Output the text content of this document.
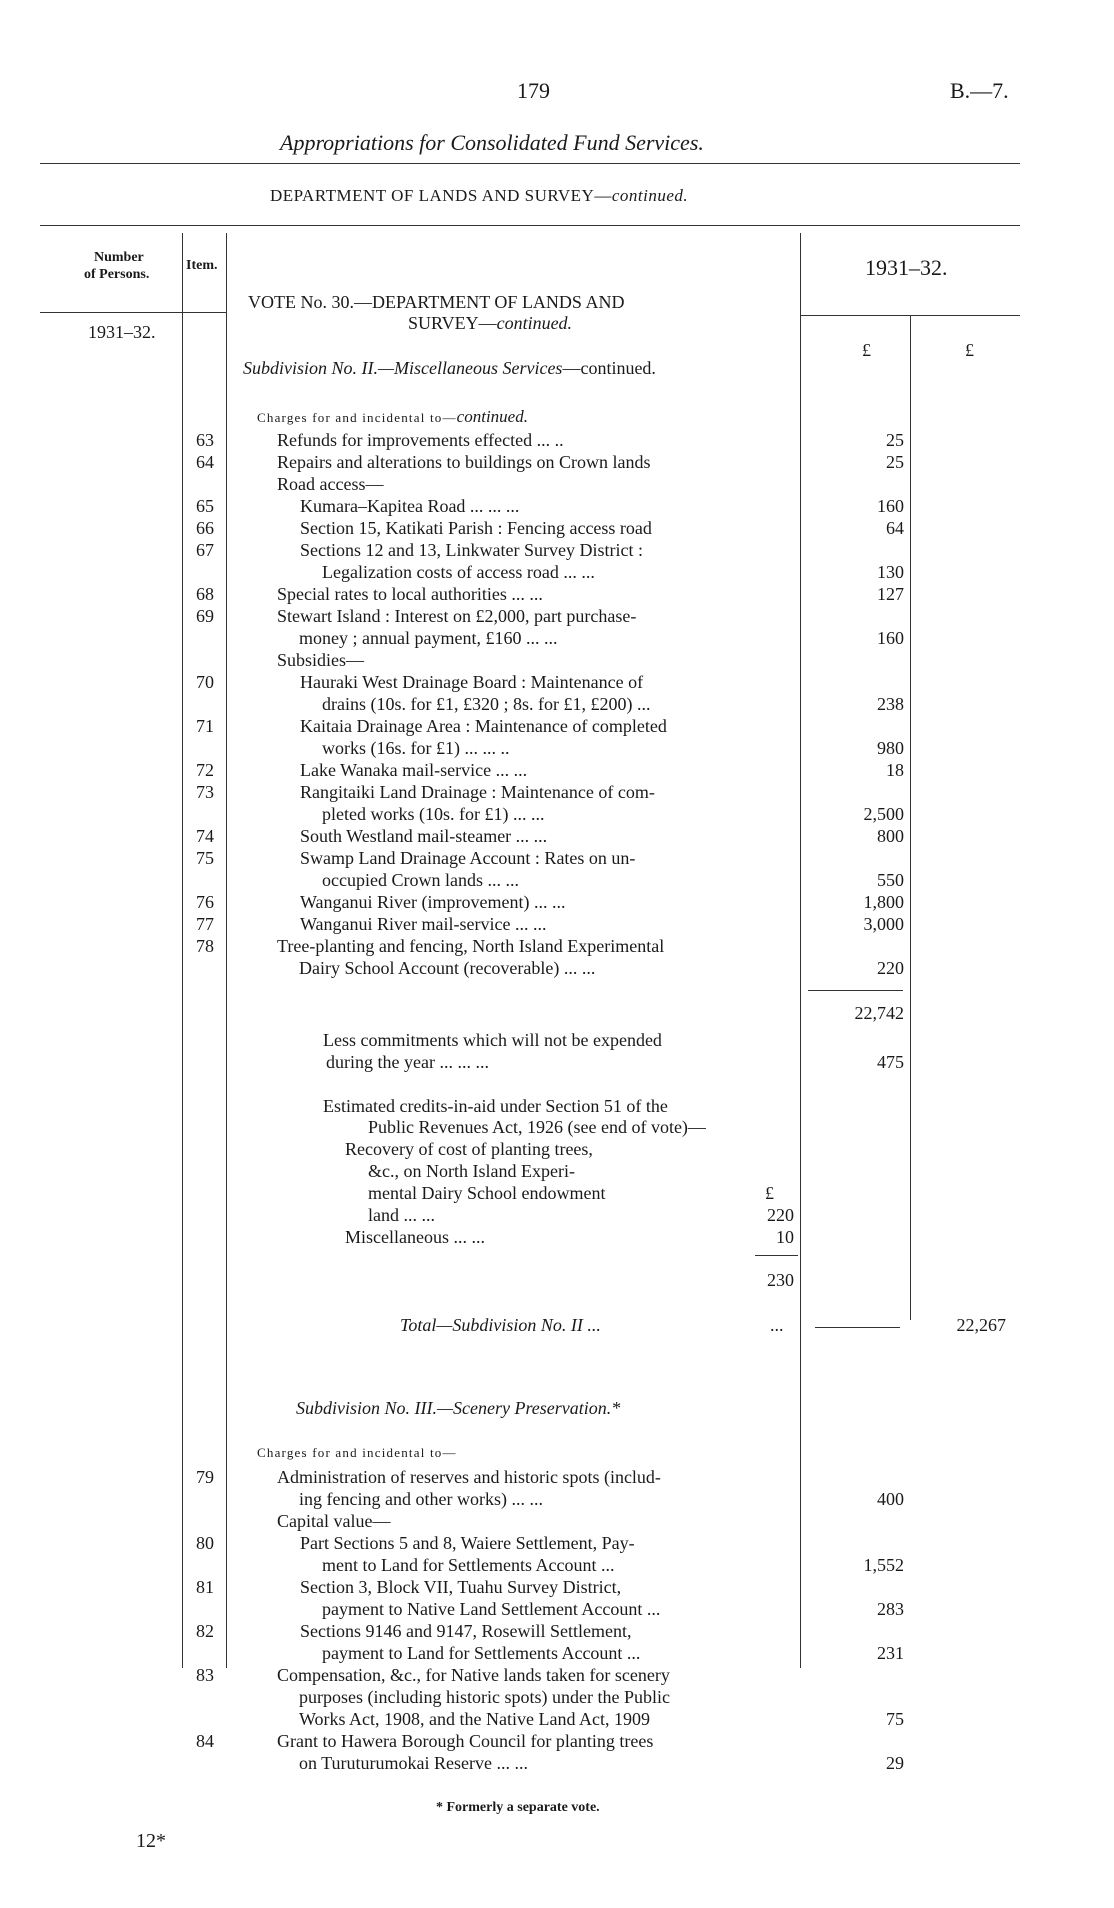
179	B.—7.
Appropriations for Consolidated Fund Services.
DEPARTMENT OF LANDS AND SURVEY—continued.
Number
of Persons.
Item.	1931–32.
1931–32.
£	£
VOTE No. 30.—DEPARTMENT OF LANDS AND
SURVEY—continued.
Subdivision No. II.—Miscellaneous Services—continued.
Charges for and incidental to—continued.
63	Refunds for improvements effected ... ..	25
64	Repairs and alterations to buildings on Crown lands	25
Road access—
65	Kumara–Kapitea Road ... ... ...	160
66	Section 15, Katikati Parish : Fencing access road	64
67	Sections 12 and 13, Linkwater Survey District :
Legalization costs of access road ... ...	130
68	Special rates to local authorities ... ...	127
69	Stewart Island : Interest on £2,000, part purchase-
money ; annual payment, £160 ... ...	160
Subsidies—
70	Hauraki West Drainage Board : Maintenance of
drains (10s. for £1, £320 ; 8s. for £1, £200) ...	238
71	Kaitaia Drainage Area : Maintenance of completed
works (16s. for £1) ... ... ..	980
72	Lake Wanaka mail-service ... ...	18
73	Rangitaiki Land Drainage : Maintenance of com-
pleted works (10s. for £1) ... ...	2,500
74	South Westland mail-steamer ... ...	800
75	Swamp Land Drainage Account : Rates on un-
occupied Crown lands ... ...	550
76	Wanganui River (improvement) ... ...	1,800
77	Wanganui River mail-service ... ...	3,000
78	Tree-planting and fencing, North Island Experimental
Dairy School Account (recoverable) ... ...	220
22,742
Less commitments which will not be expended
during the year ... ... ...	475
Estimated credits-in-aid under Section 51 of the
Public Revenues Act, 1926 (see end of vote)—
Recovery of cost of planting trees,
&c., on North Island Experi-
mental Dairy School endowment	£
land ... ...	220
Miscellaneous ... ...	10
230
Total—Subdivision No. II ...	...	22,267
Subdivision No. III.—Scenery Preservation.*
Charges for and incidental to—
79	Administration of reserves and historic spots (includ-
ing fencing and other works) ... ...	400
Capital value—
80	Part Sections 5 and 8, Waiere Settlement, Pay-
ment to Land for Settlements Account ...	1,552
81	Section 3, Block VII, Tuahu Survey District,
payment to Native Land Settlement Account ...	283
82	Sections 9146 and 9147, Rosewill Settlement,
payment to Land for Settlements Account ...	231
83	Compensation, &c., for Native lands taken for scenery
purposes (including historic spots) under the Public
Works Act, 1908, and the Native Land Act, 1909	75
84	Grant to Hawera Borough Council for planting trees
on Turuturumokai Reserve ... ...	29
* Formerly a separate vote.
12*
